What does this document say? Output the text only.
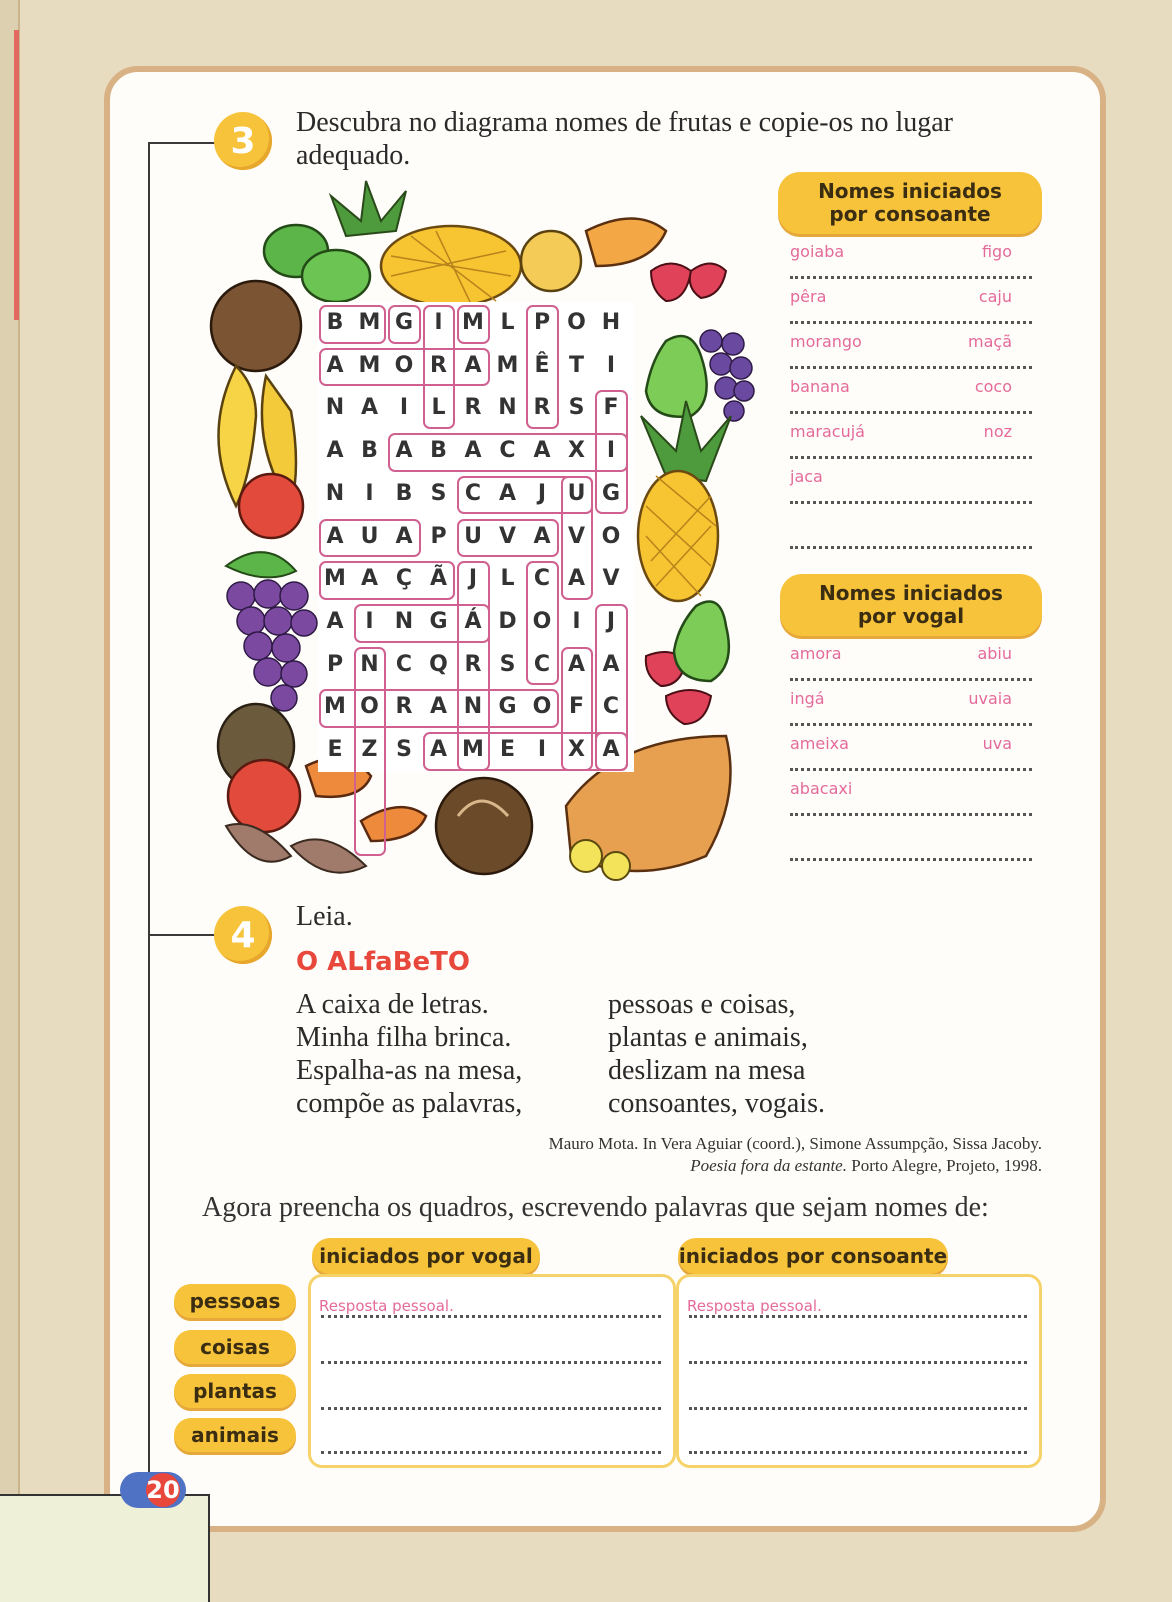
3	Descubra no diagrama nomes de frutas e copie-os no lugar
adequado.
B M G I M L P O H
A M O R A M Ê T	I
N A I	L R N R S F
A B A B A C A X I
N I	B S C A J U G
A U A P U V A V O
M A Ç Ã J	L C A V
A I N G Á D O I	J
P N C Q R S C A A
M O R A N G O F C
E Z S A M E	I X A
Nomes iniciados
por consoante
goiaba	figo
pêra	caju
morango	maçã
banana	coco
maracujá	noz
jaca
Nomes iniciados
por vogal
amora	abiu
ingá	uvaia
ameixa	uva
abacaxi
4	Leia.
O ALfaBeTO
A caixa de letras.
Minha filha brinca.
Espalha-as na mesa,
compõe as palavras,
pessoas e coisas,
plantas e animais,
deslizam na mesa
consoantes, vogais.
Mauro Mota. In Vera Aguiar (coord.), Simone Assumpção, Sissa Jacoby.
Poesia fora da estante. Porto Alegre, Projeto, 1998.
Agora preencha os quadros, escrevendo palavras que sejam nomes de:
iniciados por vogal	iniciados por consoante
pessoas
coisas
plantas
animais
Resposta pessoal.	Resposta pessoal.
20
